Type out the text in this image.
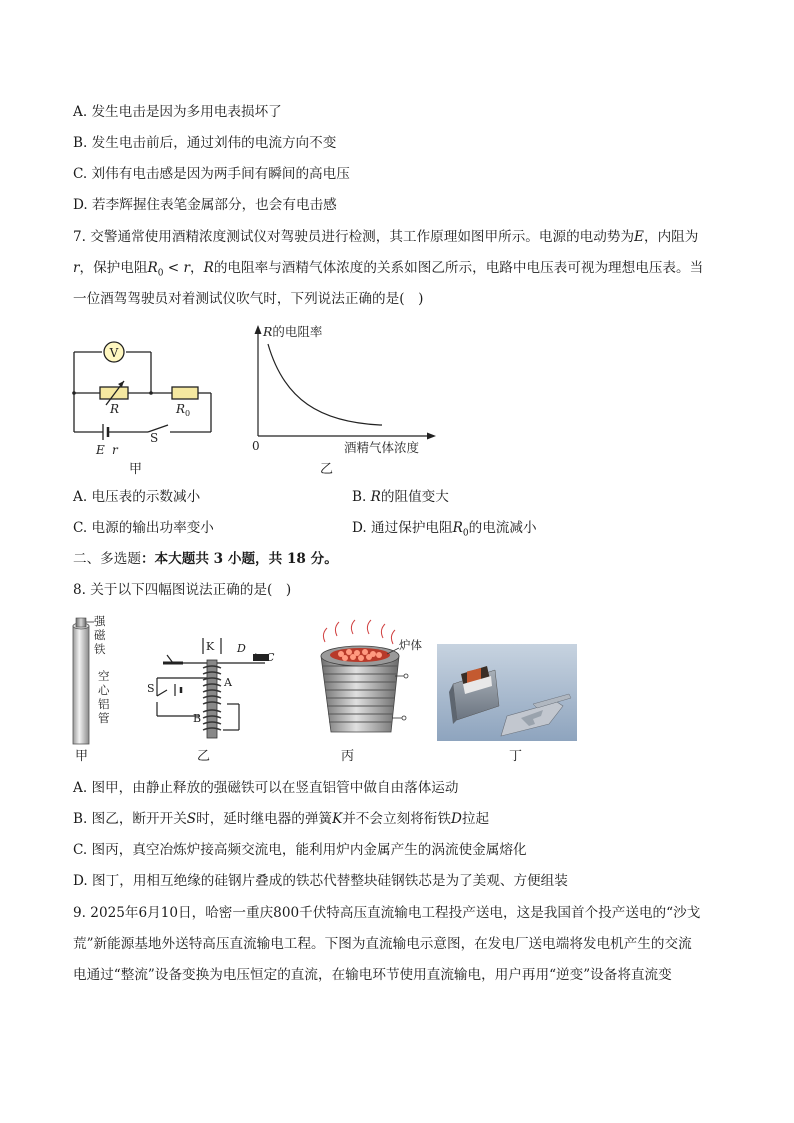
A. 发生电击是因为多用电表损坏了
B. 发生电击前后，通过刘伟的电流方向不变
C. 刘伟有电击感是因为两手间有瞬间的高电压
D. 若李辉握住表笔金属部分，也会有电击感
7. 交警通常使用酒精浓度测试仪对驾驶员进行检测，其工作原理如图甲所示。电源的电动势为E，内阻为
r，保护电阻$R_0 < r$，R的电阻率与酒精气体浓度的关系如图乙所示，电路中电压表可视为理想电压表。当
一位酒驾驾驶员对着测试仪吹气时，下列说法正确的是(　)
V
R	$R_0$
E r
S
甲
R的电阻率
0	酒精气体浓度
乙
A. 电压表的示数减小	B. R的阻值变大
C. 电源的输出功率变小	D. 通过保护电阻$R_0$的电流减小
二、多选题：本大题共 3 小题，共 18 分。
8. 关于以下四幅图说法正确的是(　)
强
磁
铁
空
心
铝
管
甲
K D
C
S	A
B
乙
炉体
丙	丁
A. 图甲，由静止释放的强磁铁可以在竖直铝管中做自由落体运动
B. 图乙，断开开关S时，延时继电器的弹簧K并不会立刻将衔铁D拉起
C. 图丙，真空冶炼炉接高频交流电，能利用炉内金属产生的涡流使金属熔化
D. 图丁，用相互绝缘的硅钢片叠成的铁芯代替整块硅钢铁芯是为了美观、方便组装
9. 2025年6月10日，哈密一重庆800千伏特高压直流输电工程投产送电，这是我国首个投产送电的“沙戈
荒”新能源基地外送特高压直流输电工程。下图为直流输电示意图，在发电厂送电端将发电机产生的交流
电通过“整流”设备变换为电压恒定的直流，在输电环节使用直流输电，用户再用“逆变”设备将直流变
